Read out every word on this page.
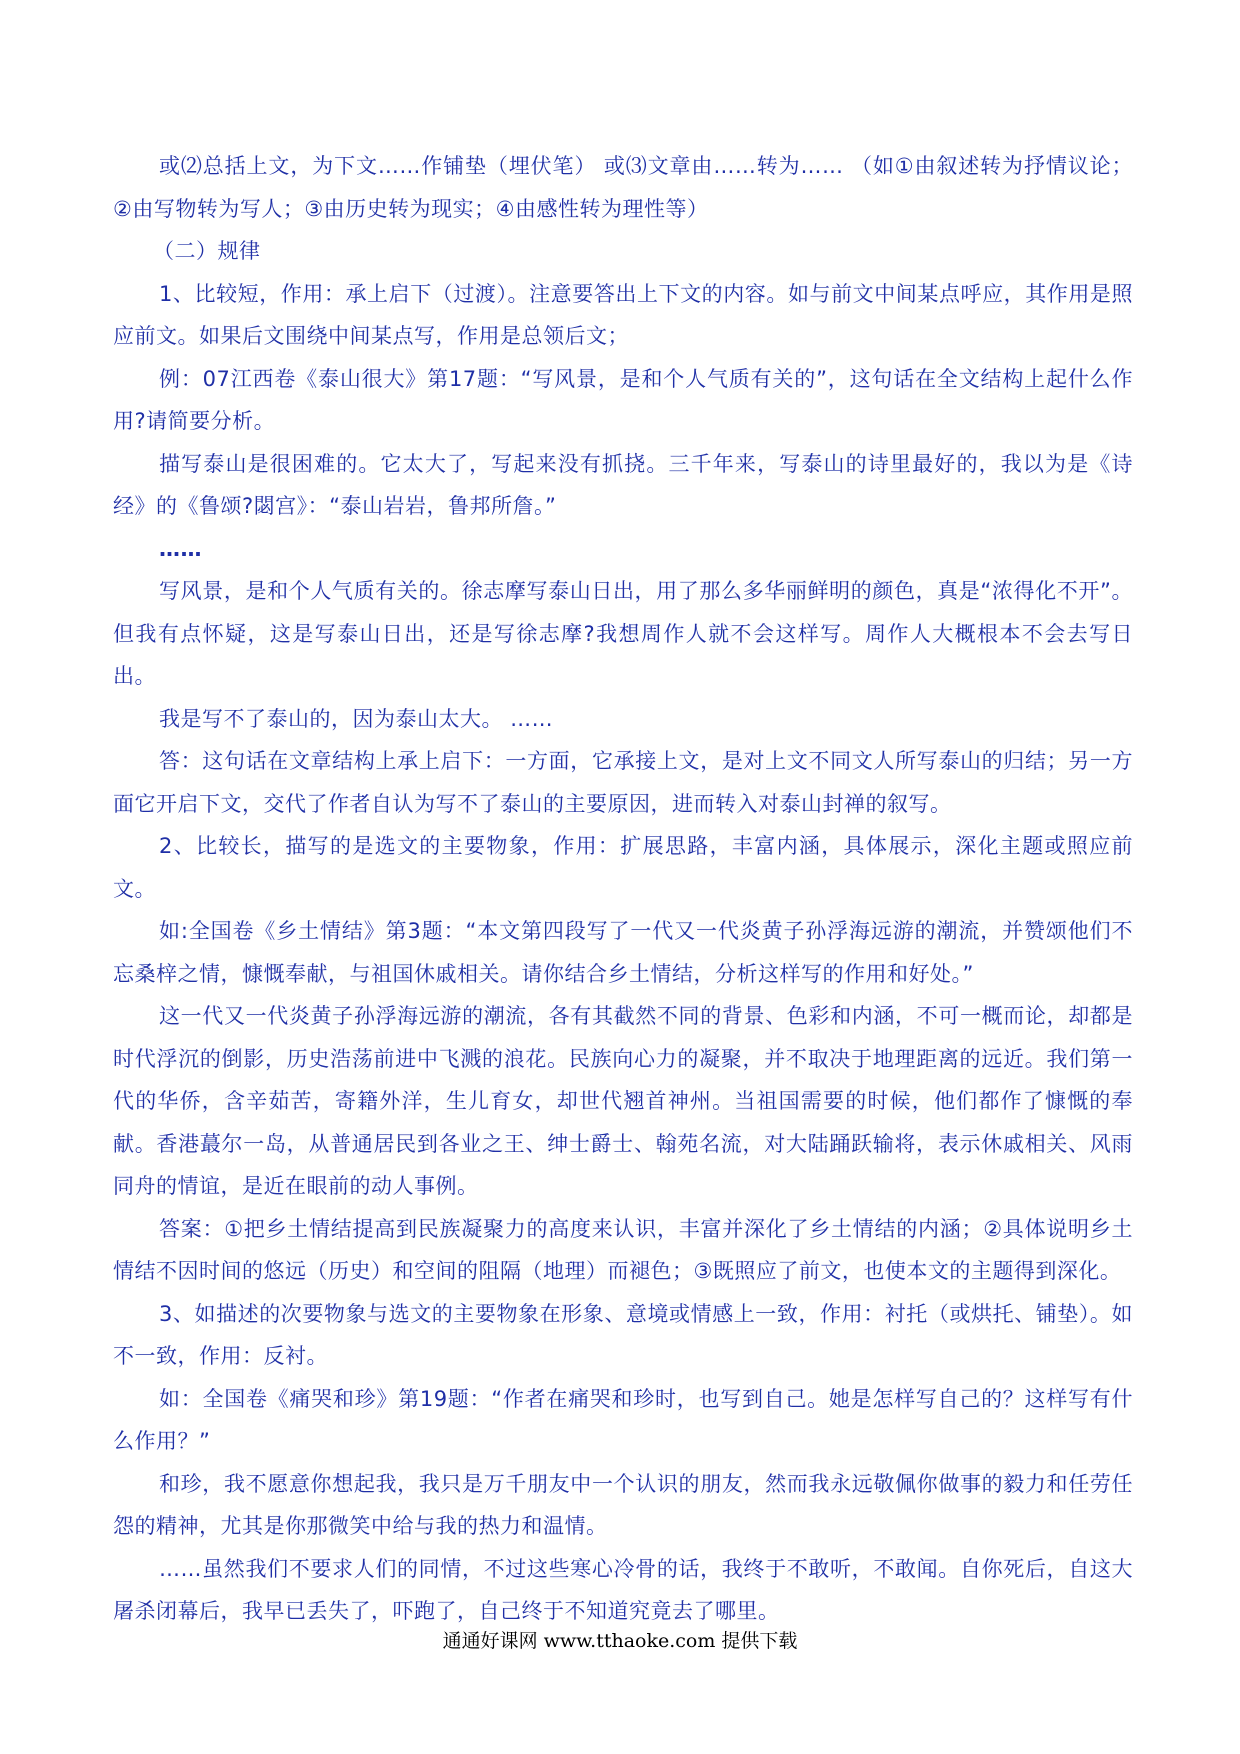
或⑵总括上文，为下文……作铺垫（埋伏笔） 或⑶文章由……转为…… （如①由叙述转为抒情议论；②由写物转为写人；③由历史转为现实；④由感性转为理性等）

（二）规律

1、比较短，作用：承上启下（过渡）。注意要答出上下文的内容。如与前文中间某点呼应，其作用是照应前文。如果后文围绕中间某点写，作用是总领后文；

例：07江西卷《泰山很大》第17题：“写风景，是和个人气质有关的”，这句话在全文结构上起什么作用?请简要分析。

描写泰山是很困难的。它太大了，写起来没有抓挠。三千年来，写泰山的诗里最好的，我以为是《诗经》的《鲁颂?閟宫》：“泰山岩岩，鲁邦所詹。”

……

写风景，是和个人气质有关的。徐志摩写泰山日出，用了那么多华丽鲜明的颜色，真是“浓得化不开”。但我有点怀疑，这是写泰山日出，还是写徐志摩?我想周作人就不会这样写。周作人大概根本不会去写日出。

我是写不了泰山的，因为泰山太大。 ……

答：这句话在文章结构上承上启下：一方面，它承接上文，是对上文不同文人所写泰山的归结；另一方面它开启下文，交代了作者自认为写不了泰山的主要原因，进而转入对泰山封禅的叙写。

2、比较长，描写的是选文的主要物象，作用：扩展思路，丰富内涵，具体展示，深化主题或照应前文。

如:全国卷《乡土情结》第3题：“本文第四段写了一代又一代炎黄子孙浮海远游的潮流，并赞颂他们不忘桑梓之情，慷慨奉献，与祖国休戚相关。请你结合乡土情结，分析这样写的作用和好处。”

这一代又一代炎黄子孙浮海远游的潮流，各有其截然不同的背景、色彩和内涵，不可一概而论，却都是时代浮沉的倒影，历史浩荡前进中飞溅的浪花。民族向心力的凝聚，并不取决于地理距离的远近。我们第一代的华侨，含辛茹苦，寄籍外洋，生儿育女，却世代翘首神州。当祖国需要的时候，他们都作了慷慨的奉献。香港蕞尔一岛，从普通居民到各业之王、绅士爵士、翰苑名流，对大陆踊跃输将，表示休戚相关、风雨同舟的情谊，是近在眼前的动人事例。

答案：①把乡土情结提高到民族凝聚力的高度来认识，丰富并深化了乡土情结的内涵；②具体说明乡土情结不因时间的悠远（历史）和空间的阻隔（地理）而褪色；③既照应了前文，也使本文的主题得到深化。

3、如描述的次要物象与选文的主要物象在形象、意境或情感上一致，作用：衬托（或烘托、铺垫）。如不一致，作用：反衬。

如：全国卷《痛哭和珍》第19题：“作者在痛哭和珍时，也写到自己。她是怎样写自己的？这样写有什么作用？”

和珍，我不愿意你想起我，我只是万千朋友中一个认识的朋友，然而我永远敬佩你做事的毅力和任劳任怨的精神，尤其是你那微笑中给与我的热力和温情。

……虽然我们不要求人们的同情，不过这些寒心冷骨的话，我终于不敢听，不敢闻。自你死后，自这大屠杀闭幕后，我早已丢失了，吓跑了，自己终于不知道究竟去了哪里。

通通好课网 www.tthaoke.com 提供下载
